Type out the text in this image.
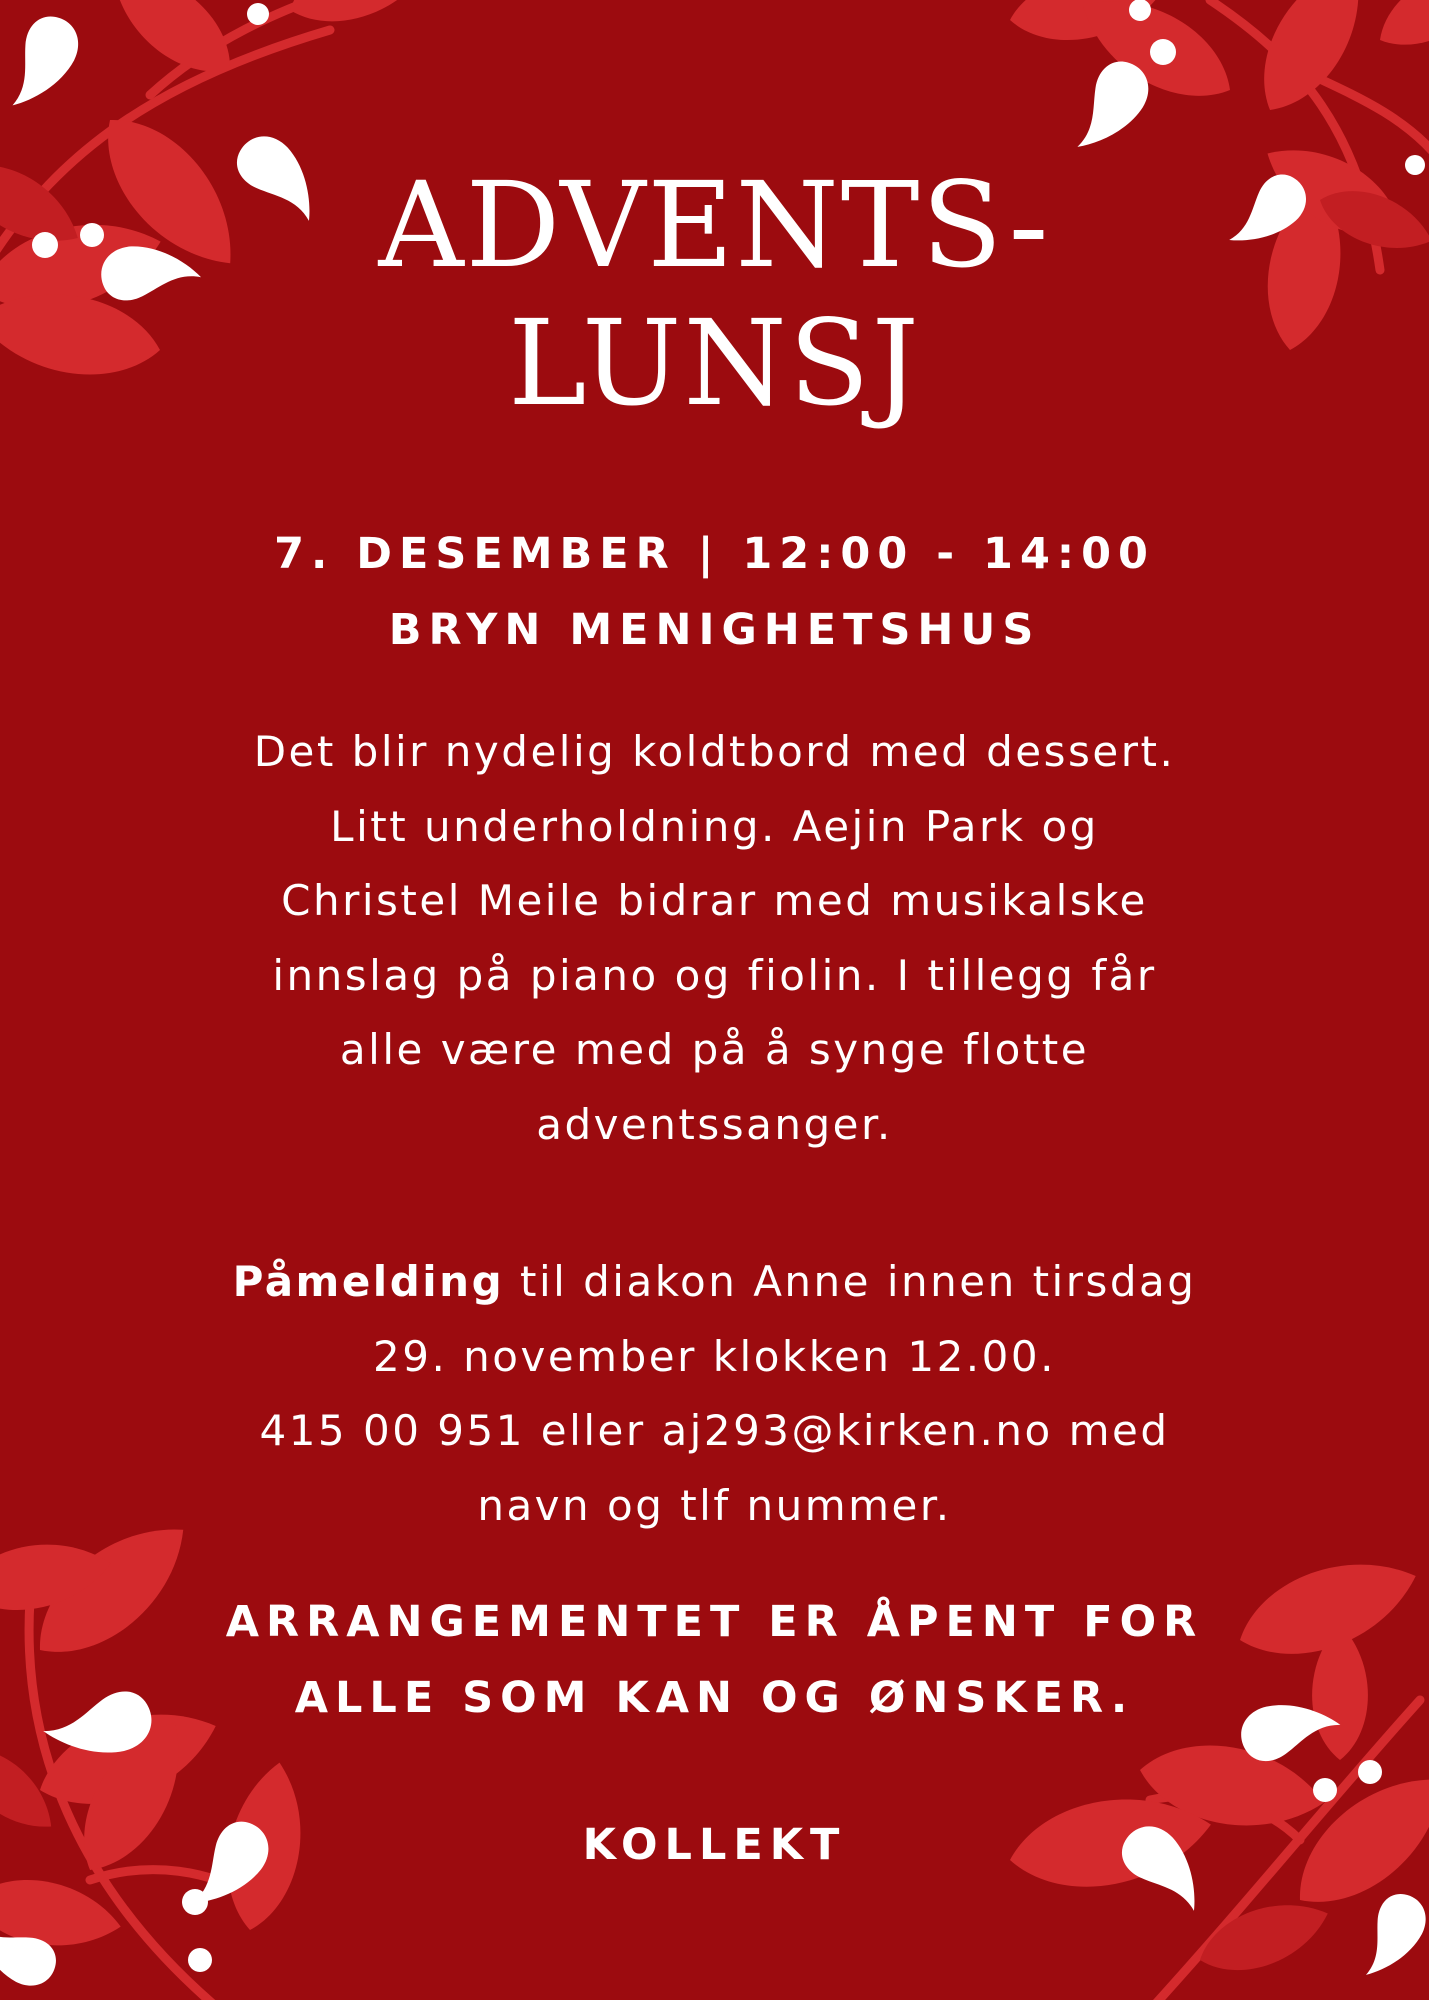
ADVENTS-
LUNSJ
7. DESEMBER | 12:00 - 14:00
BRYN MENIGHETSHUS
Det blir nydelig koldtbord med dessert.
Litt underholdning. Aejin Park og
Christel Meile bidrar med musikalske
innslag på piano og fiolin. I tillegg får
alle være med på å synge flotte
adventssanger.
Påmelding til diakon Anne innen tirsdag
29. november klokken 12.00.
415 00 951 eller aj293@kirken.no med
navn og tlf nummer.
ARRANGEMENTET ER ÅPENT FOR
ALLE SOM KAN OG ØNSKER.
KOLLEKT
